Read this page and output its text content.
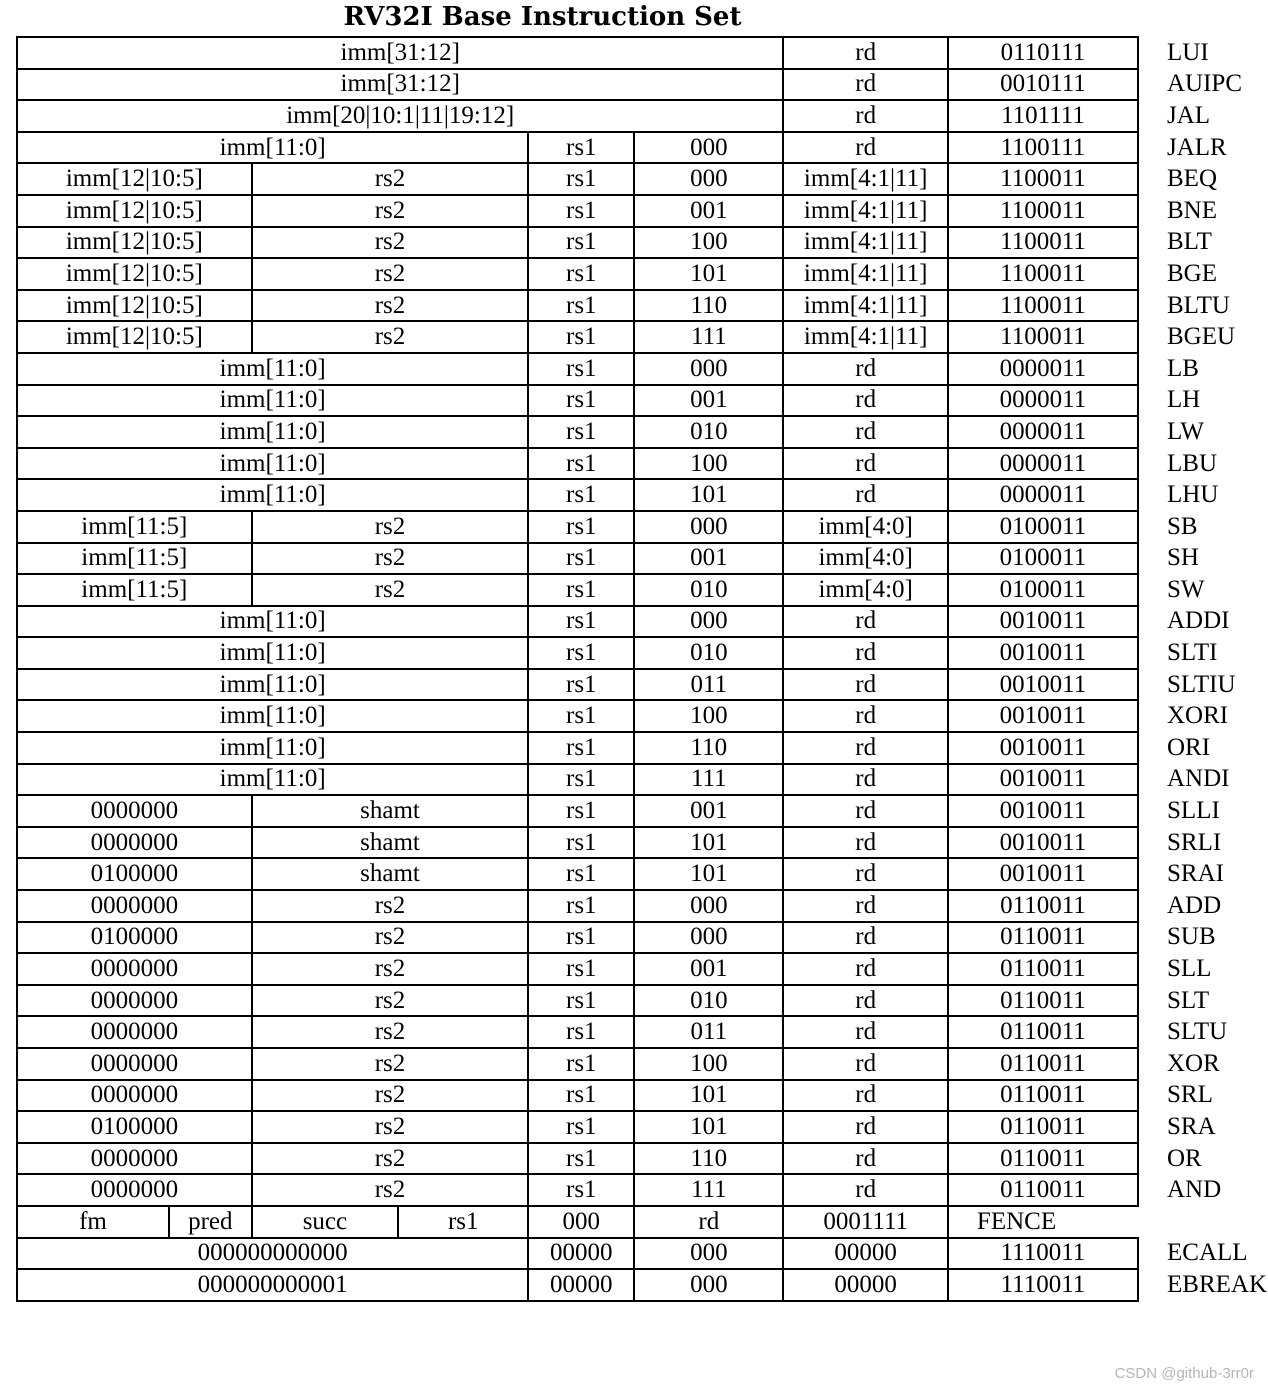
RV32I Base Instruction Set
imm[31:12]						rd	0110111	LUI
imm[31:12]						rd	0010111	AUIPC
imm[20|10:1|11|19:12]						rd	1101111	JAL
imm[11:0]				rs1	000	rd	1100111	JALR
imm[12|10:5]		rs2		rs1	000	imm[4:1|11]	1100011	BEQ
imm[12|10:5]		rs2		rs1	001	imm[4:1|11]	1100011	BNE
imm[12|10:5]		rs2		rs1	100	imm[4:1|11]	1100011	BLT
imm[12|10:5]		rs2		rs1	101	imm[4:1|11]	1100011	BGE
imm[12|10:5]		rs2		rs1	110	imm[4:1|11]	1100011	BLTU
imm[12|10:5]		rs2		rs1	111	imm[4:1|11]	1100011	BGEU
imm[11:0]				rs1	000	rd	0000011	LB
imm[11:0]				rs1	001	rd	0000011	LH
imm[11:0]				rs1	010	rd	0000011	LW
imm[11:0]				rs1	100	rd	0000011	LBU
imm[11:0]				rs1	101	rd	0000011	LHU
imm[11:5]		rs2		rs1	000	imm[4:0]	0100011	SB
imm[11:5]		rs2		rs1	001	imm[4:0]	0100011	SH
imm[11:5]		rs2		rs1	010	imm[4:0]	0100011	SW
imm[11:0]				rs1	000	rd	0010011	ADDI
imm[11:0]				rs1	010	rd	0010011	SLTI
imm[11:0]				rs1	011	rd	0010011	SLTIU
imm[11:0]				rs1	100	rd	0010011	XORI
imm[11:0]				rs1	110	rd	0010011	ORI
imm[11:0]				rs1	111	rd	0010011	ANDI
0000000		shamt		rs1	001	rd	0010011	SLLI
0000000		shamt		rs1	101	rd	0010011	SRLI
0100000		shamt		rs1	101	rd	0010011	SRAI
0000000		rs2		rs1	000	rd	0110011	ADD
0100000		rs2		rs1	000	rd	0110011	SUB
0000000		rs2		rs1	001	rd	0110011	SLL
0000000		rs2		rs1	010	rd	0110011	SLT
0000000		rs2		rs1	011	rd	0110011	SLTU
0000000		rs2		rs1	100	rd	0110011	XOR
0000000		rs2		rs1	101	rd	0110011	SRL
0100000		rs2		rs1	101	rd	0110011	SRA
0000000		rs2		rs1	110	rd	0110011	OR
0000000		rs2		rs1	111	rd	0110011	AND
fm	pred	succ	rs1	000	rd	0001111	FENCE	
000000000000				00000	000	00000	1110011	ECALL
000000000001				00000	000	00000	1110011	EBREAK
CSDN @github-3rr0r
